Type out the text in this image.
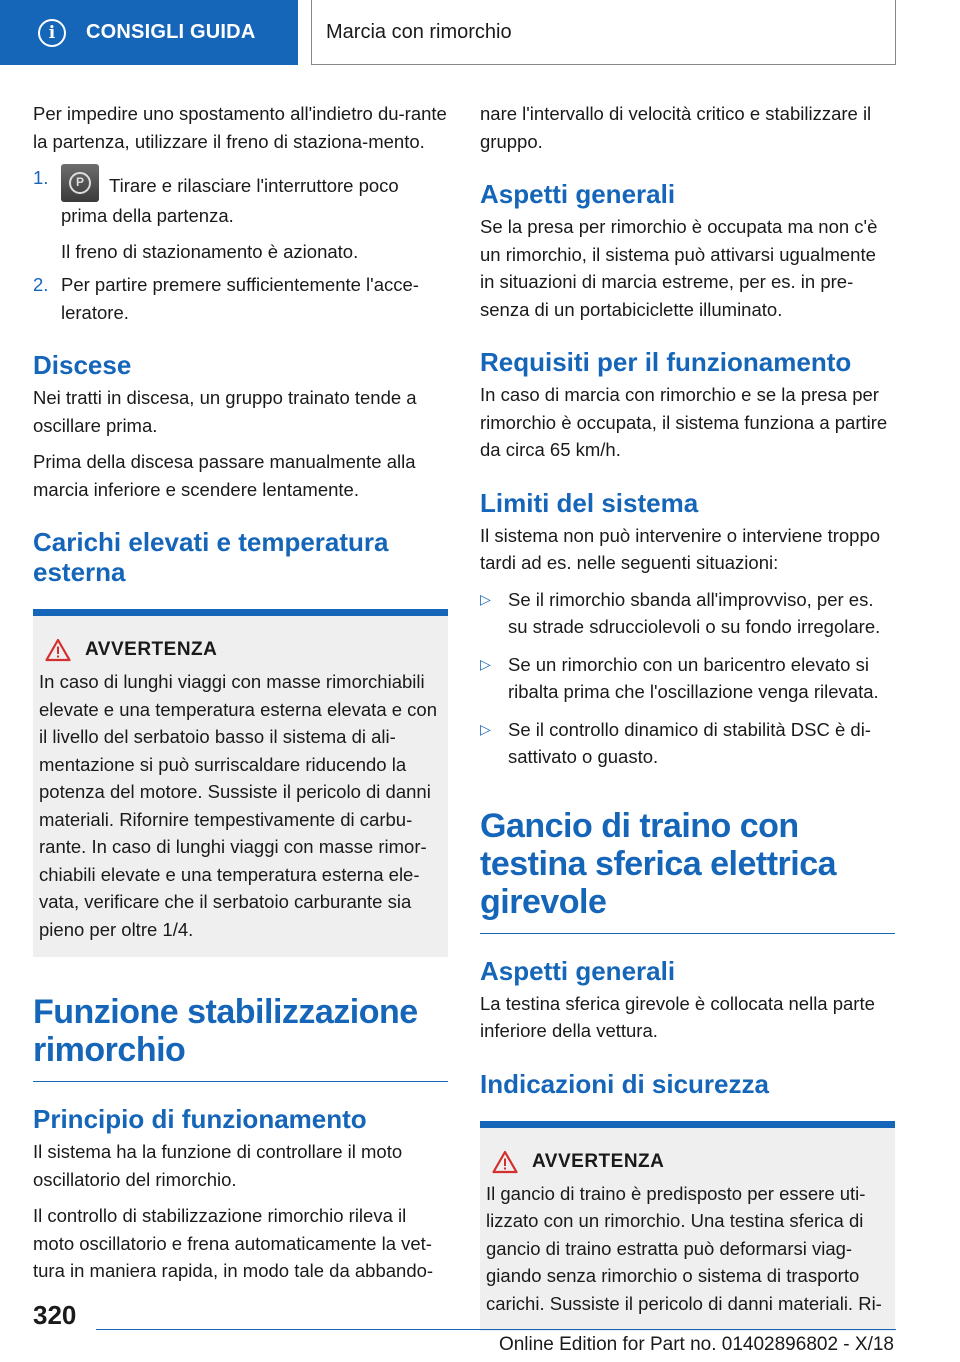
i	CONSIGLI GUIDA	Marcia con rimorchio

Per impedire uno spostamento all'indietro du-rante la partenza, utilizzare il freno di staziona-mento.

1.	P	Tirare e rilasciare l'interruttore poco prima della partenza.
Il freno di stazionamento è azionato.
2. Per partire premere sufficientemente l'acce-leratore.
Discese

Nei tratti in discesa, un gruppo trainato tende a oscillare prima.

Prima della discesa passare manualmente alla marcia inferiore e scendere lentamente.

Carichi elevati e temperatura esterna
AVVERTENZA

In caso di lunghi viaggi con masse rimorchiabili elevate e una temperatura esterna elevata e con il livello del serbatoio basso il sistema di ali-mentazione si può surriscaldare riducendo la potenza del motore. Sussiste il pericolo di danni materiali. Rifornire tempestivamente di carbu-rante. In caso di lunghi viaggi con masse rimor-chiabili elevate e una temperatura esterna ele-vata, verificare che il serbatoio carburante sia pieno per oltre 1/4.

Funzione stabilizzazione rimorchio
Principio di funzionamento

Il sistema ha la funzione di controllare il moto oscillatorio del rimorchio.

Il controllo di stabilizzazione rimorchio rileva il moto oscillatorio e frena automaticamente la vet-tura in maniera rapida, in modo tale da abbando-

nare l'intervallo di velocità critico e stabilizzare il gruppo.

Aspetti generali

Se la presa per rimorchio è occupata ma non c'è un rimorchio, il sistema può attivarsi ugualmente in situazioni di marcia estreme, per es. in pre-senza di un portabiciclette illuminato.

Requisiti per il funzionamento

In caso di marcia con rimorchio e se la presa per rimorchio è occupata, il sistema funziona a partire da circa 65 km/h.

Limiti del sistema

Il sistema non può intervenire o interviene troppo tardi ad es. nelle seguenti situazioni:

▷ Se il rimorchio sbanda all'improvviso, per es. su strade sdrucciolevoli o su fondo irregolare.
▷ Se un rimorchio con un baricentro elevato si ribalta prima che l'oscillazione venga rilevata.
▷ Se il controllo dinamico di stabilità DSC è di-sattivato o guasto.
Gancio di traino con testina sferica elettrica girevole
Aspetti generali

La testina sferica girevole è collocata nella parte inferiore della vettura.

Indicazioni di sicurezza
AVVERTENZA

Il gancio di traino è predisposto per essere uti-lizzato con un rimorchio. Una testina sferica di gancio di traino estratta può deformarsi viag-giando senza rimorchio o sistema di trasporto carichi. Sussiste il pericolo di danni materiali. Ri-

320
Online Edition for Part no. 01402896802 - X/18
